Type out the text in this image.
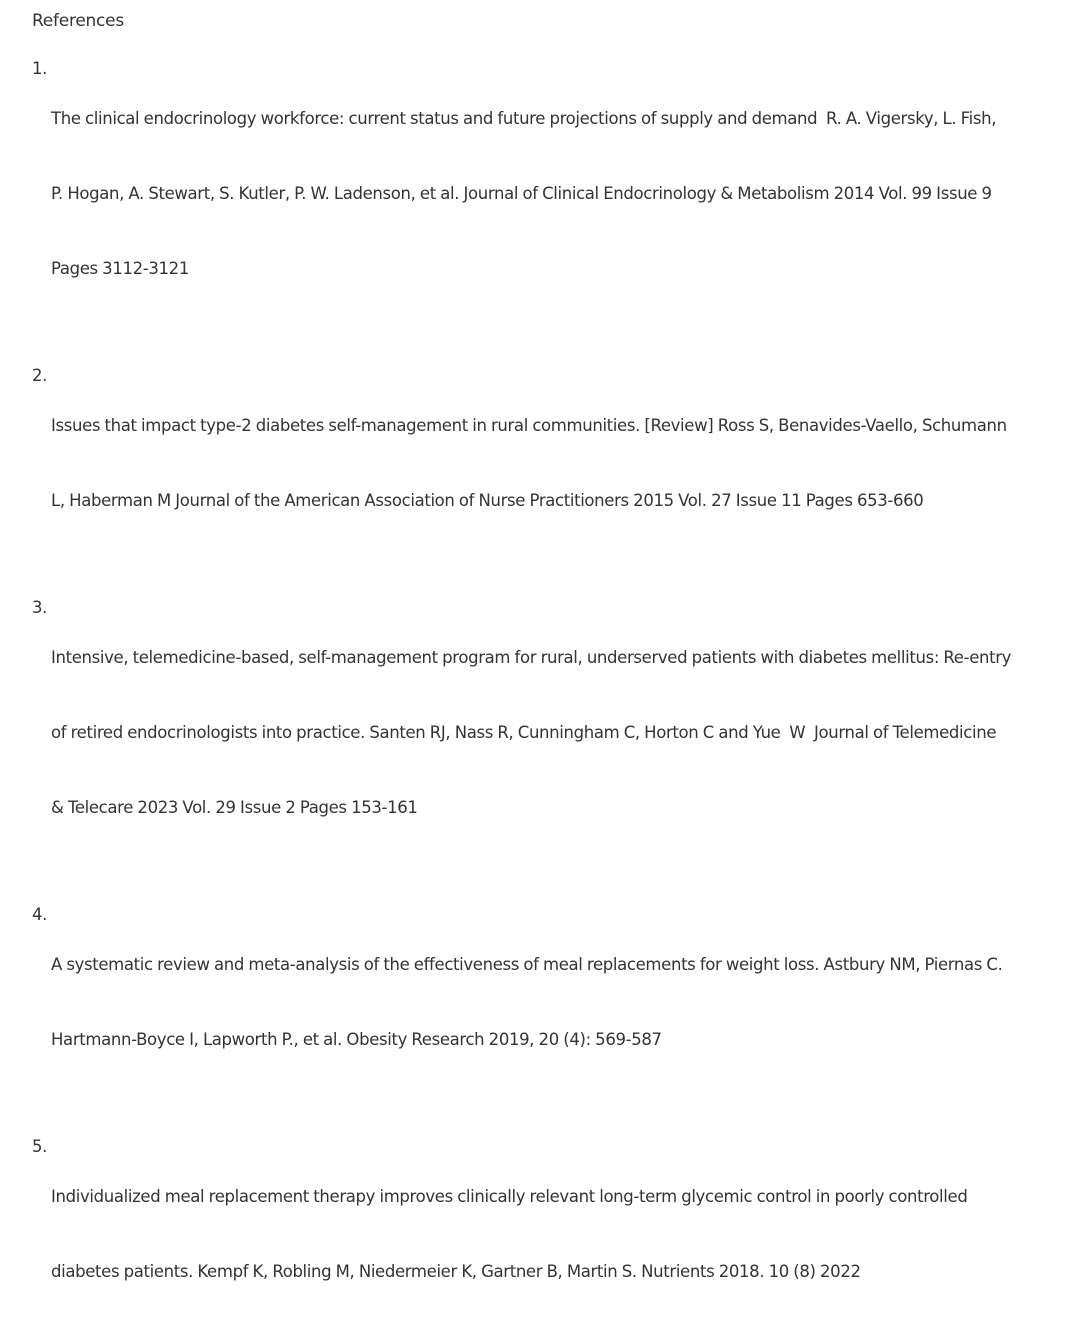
References
1.

The clinical endocrinology workforce: current status and future projections of supply and demand  R. A. Vigersky, L. Fish,

P. Hogan, A. Stewart, S. Kutler, P. W. Ladenson, et al. Journal of Clinical Endocrinology & Metabolism 2014 Vol. 99 Issue 9

Pages 3112-3121

2.

Issues that impact type-2 diabetes self-management in rural communities. [Review] Ross S, Benavides-Vaello, Schumann

L, Haberman M Journal of the American Association of Nurse Practitioners 2015 Vol. 27 Issue 11 Pages 653-660

3.

Intensive, telemedicine-based, self-management program for rural, underserved patients with diabetes mellitus: Re-entry

of retired endocrinologists into practice. Santen RJ, Nass R, Cunningham C, Horton C and Yue  W  Journal of Telemedicine

& Telecare 2023 Vol. 29 Issue 2 Pages 153-161

4.

A systematic review and meta-analysis of the effectiveness of meal replacements for weight loss. Astbury NM, Piernas C.

Hartmann-Boyce I, Lapworth P., et al. Obesity Research 2019, 20 (4): 569-587

5.

Individualized meal replacement therapy improves clinically relevant long-term glycemic control in poorly controlled

diabetes patients. Kempf K, Robling M, Niedermeier K, Gartner B, Martin S. Nutrients 2018. 10 (8) 2022
